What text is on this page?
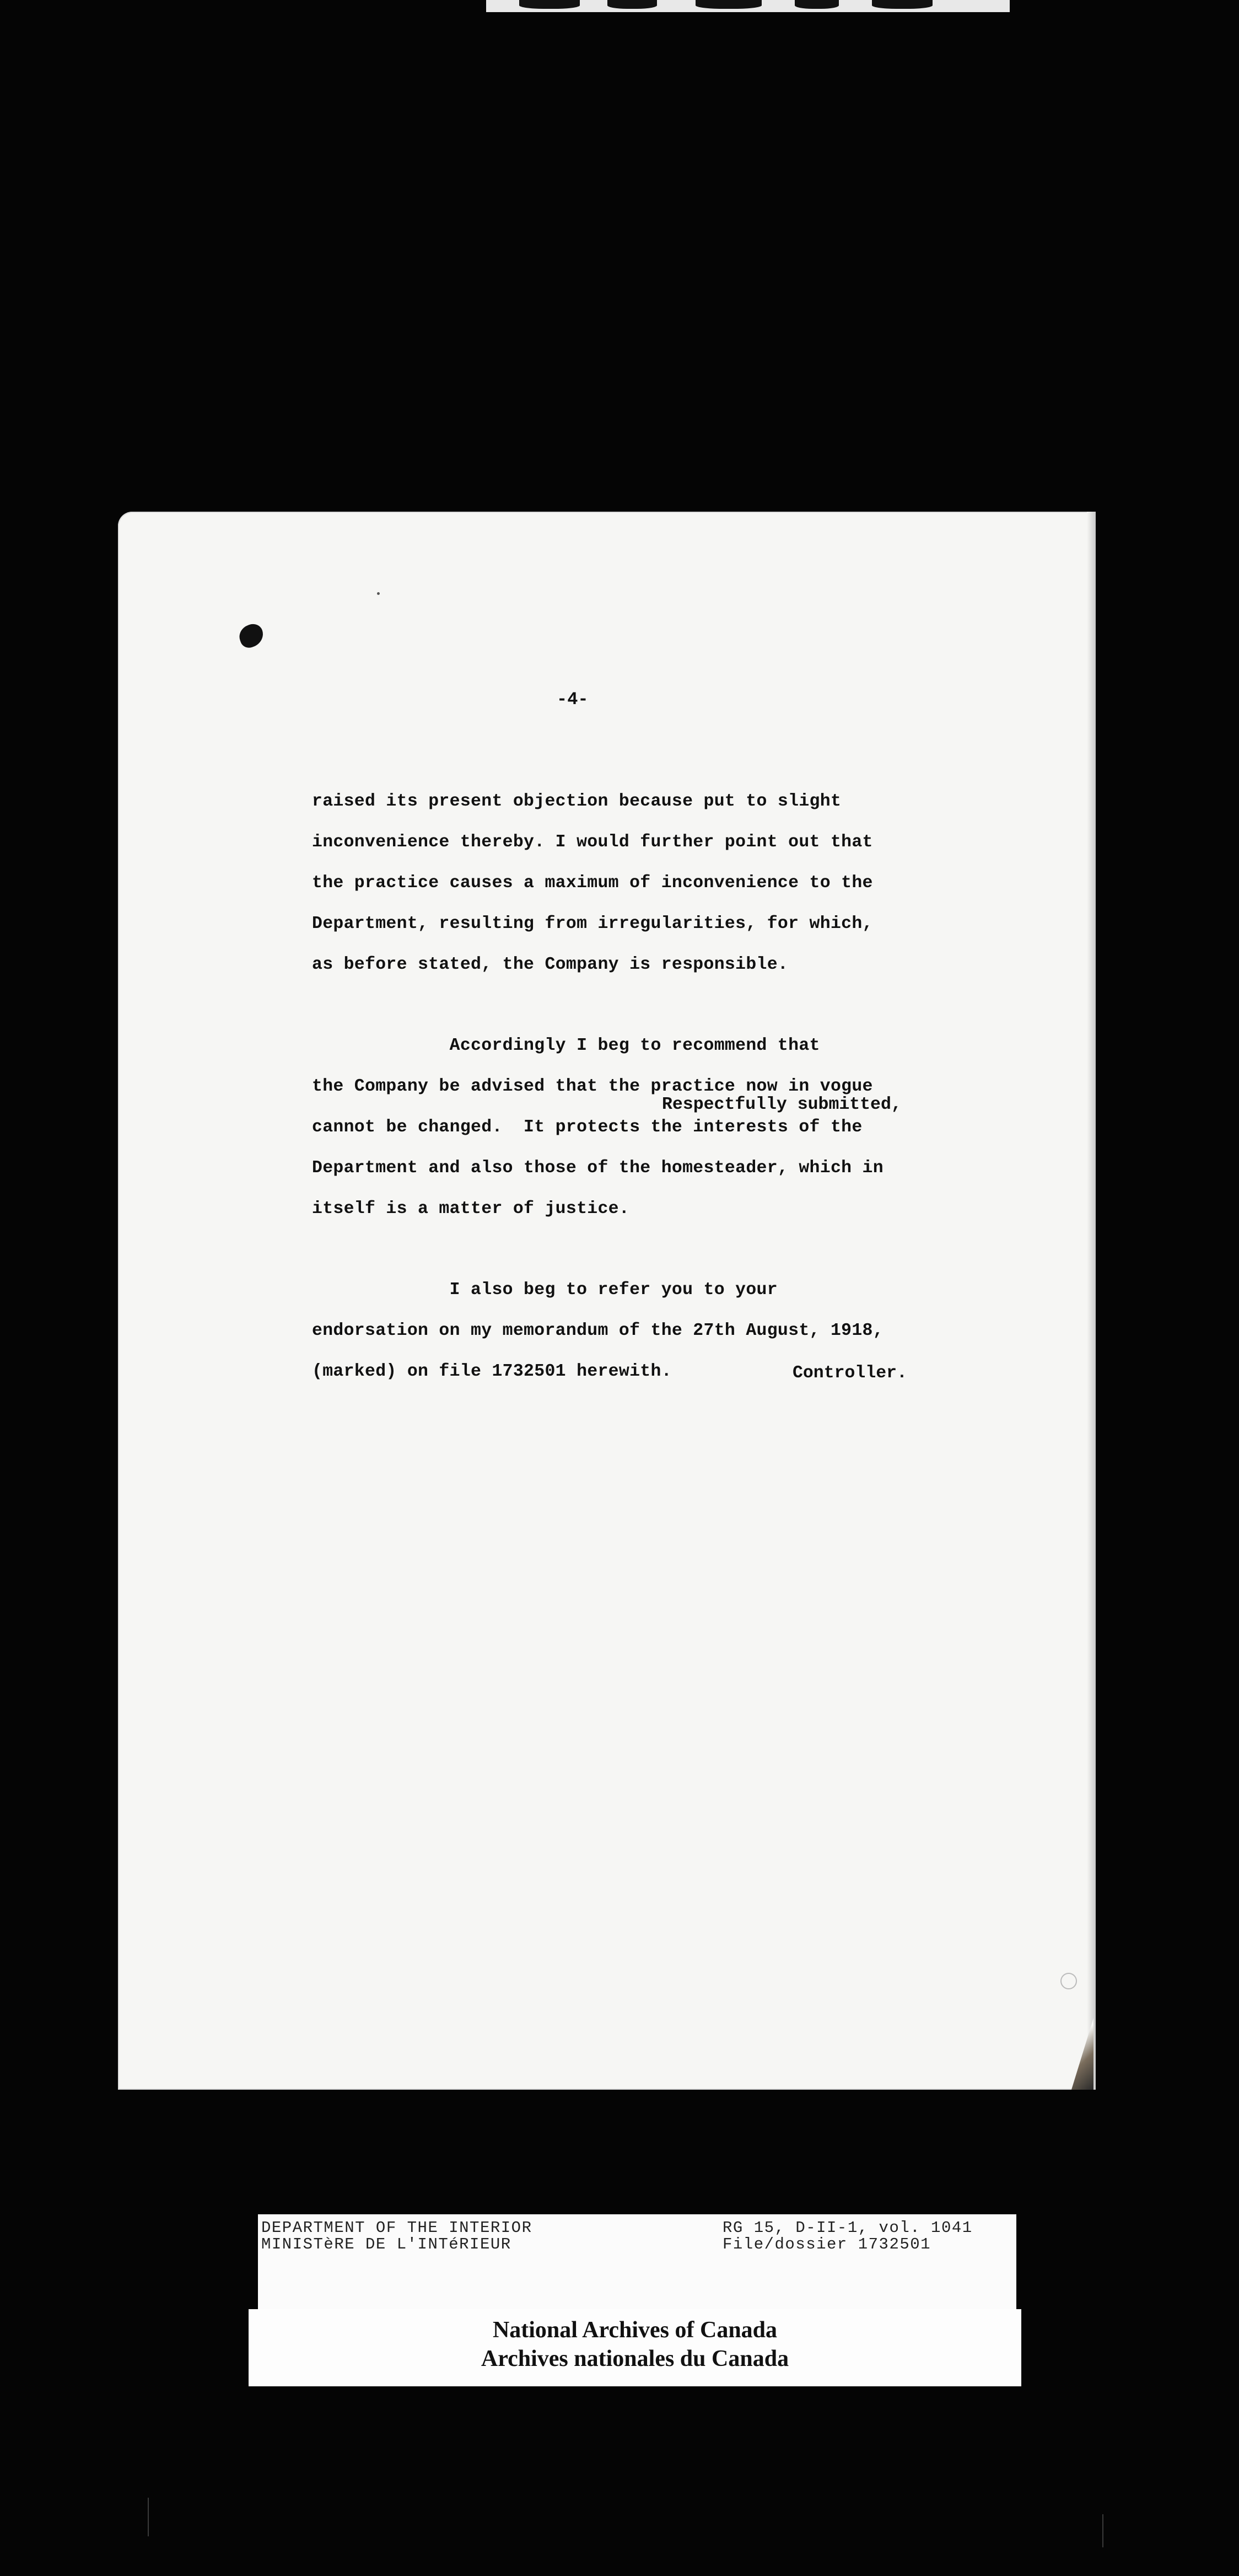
-4-

raised its present objection because put to slight

inconvenience thereby. I would further point out that

the practice causes a maximum of inconvenience to the

Department, resulting from irregularities, for which,

as before stated, the Company is responsible.

Accordingly I beg to recommend that

the Company be advised that the practice now in vogue

cannot be changed.  It protects the interests of the

Department and also those of the homesteader, which in

itself is a matter of justice.

I also beg to refer you to your

endorsation on my memorandum of the 27th August, 1918,

(marked) on file 1732501 herewith.

Respectfully submitted,
Controller.
DEPARTMENT OF THE INTERIOR
MINISTèRE DE L'INTéRIEUR
RG 15, D-II-1, vol. 1041
File/dossier 1732501
National Archives of Canada
Archives nationales du Canada
